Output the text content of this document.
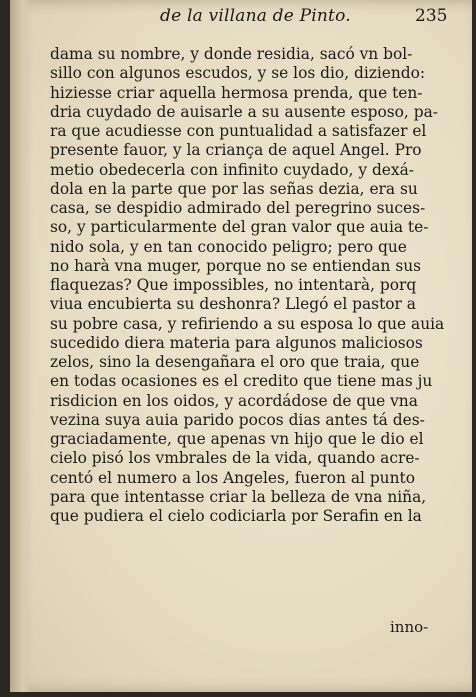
de la villana de Pinto.	235
dama su nombre, y donde residia, sacó vn bol-
sillo con algunos escudos, y se los dio, diziendo:
hiziesse criar aquella hermosa prenda, que ten-
dria cuydado de auisarle a su ausente esposo, pa-
ra que acudiesse con puntualidad a satisfazer el
presente fauor, y la criança de aquel Angel. Pro
metio obedecerla con infinito cuydado, y dexá-
dola en la parte que por las señas dezia, era su
casa, se despidio admirado del peregrino suces-
so, y particularmente del gran valor que auia te-
nido sola, y en tan conocido peligro; pero que
no harà vna muger, porque no se entiendan sus
flaquezas? Que impossibles, no intentarà, porq
viua encubierta su deshonra? Llegó el pastor a
su pobre casa, y refiriendo a su esposa lo que auia
sucedido diera materia para algunos maliciosos
zelos, sino la desengañara el oro que traia, que
en todas ocasiones es el credito que tiene mas ju
risdicion en los oidos, y acordádose de que vna
vezina suya auia parido pocos dias antes tá des-
graciadamente, que apenas vn hijo que le dio el
cielo pisó los vmbrales de la vida, quando acre-
centó el numero a los Angeles, fueron al punto
para que intentasse criar la belleza de vna niña,
que pudiera el cielo codiciarla por Serafin en la
inno-
